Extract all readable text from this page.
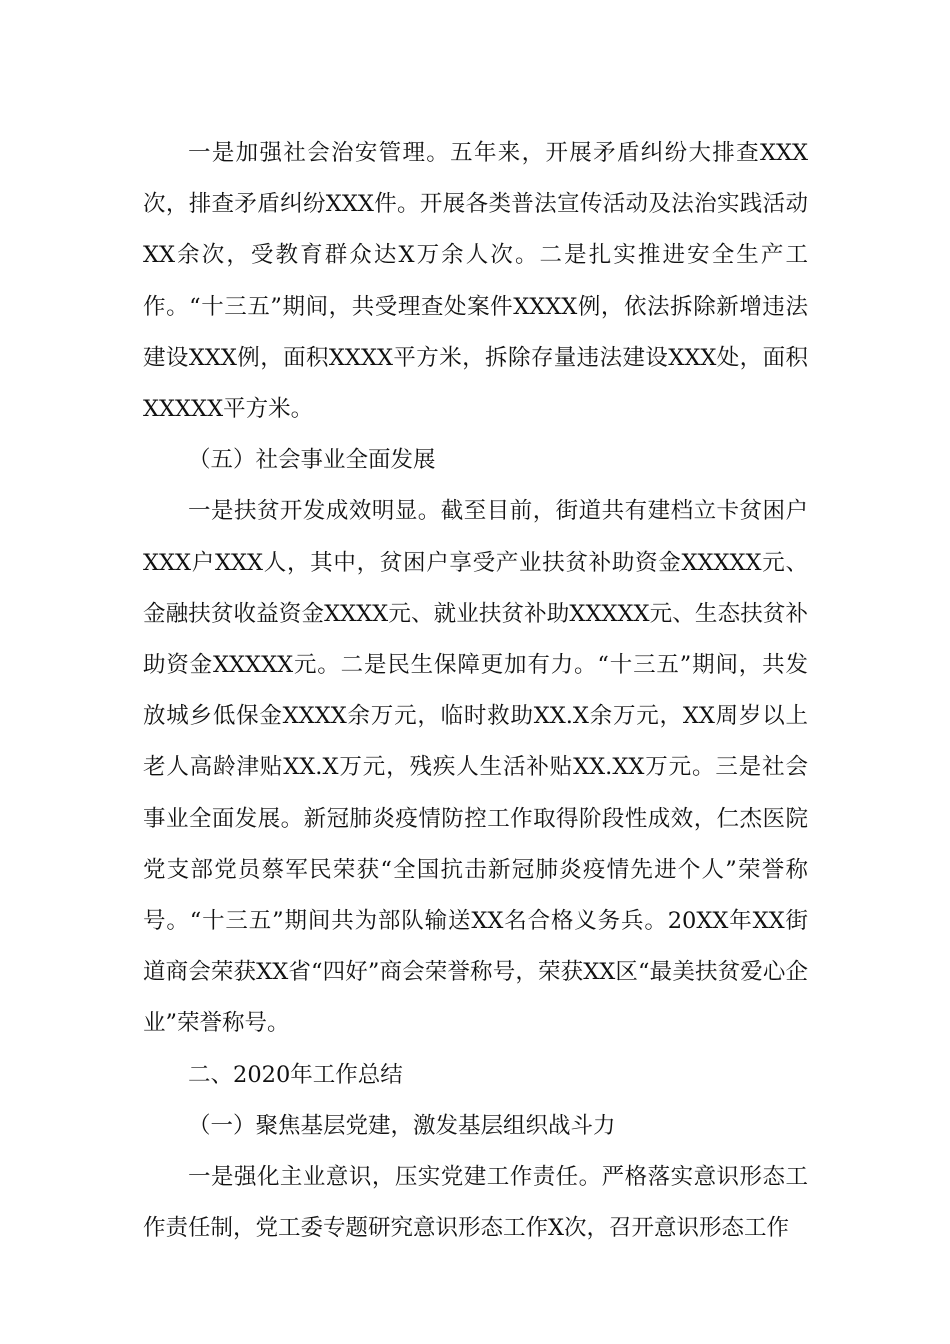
一是加强社会治安管理。五年来，开展矛盾纠纷大排查XXX次，排查矛盾纠纷XXX件。开展各类普法宣传活动及法治实践活动XX余次，受教育群众达X万余人次。二是扎实推进安全生产工作。“十三五”期间，共受理查处案件XXXX例，依法拆除新增违法建设XXX例，面积XXXX平方米，拆除存量违法建设XXX处，面积XXXXX平方米。

（五）社会事业全面发展

一是扶贫开发成效明显。截至目前，街道共有建档立卡贫困户XXX户XXX人，其中，贫困户享受产业扶贫补助资金XXXXX元、金融扶贫收益资金XXXX元、就业扶贫补助XXXXX元、生态扶贫补助资金XXXXX元。二是民生保障更加有力。“十三五”期间，共发放城乡低保金XXXX余万元，临时救助XX.X余万元，XX周岁以上老人高龄津贴XX.X万元，残疾人生活补贴XX.XX万元。三是社会事业全面发展。新冠肺炎疫情防控工作取得阶段性成效，仁杰医院党支部党员蔡军民荣获“全国抗击新冠肺炎疫情先进个人”荣誉称号。“十三五”期间共为部队输送XX名合格义务兵。20XX年XX街道商会荣获XX省“四好”商会荣誉称号，荣获XX区“最美扶贫爱心企业”荣誉称号。

二、2020年工作总结

（一）聚焦基层党建，激发基层组织战斗力

一是强化主业意识，压实党建工作责任。严格落实意识形态工作责任制，党工委专题研究意识形态工作X次，召开意识形态工作
